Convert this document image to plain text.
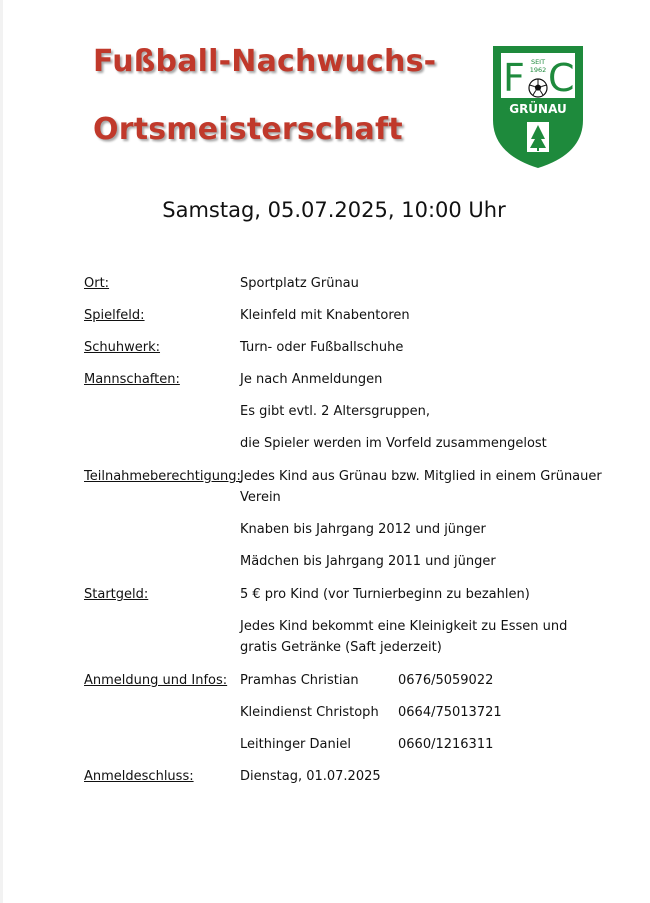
Fußball-Nachwuchs-
Ortsmeisterschaft
F C
SEIT
1962
GRÜNAU
Samstag, 05.07.2025, 10:00 Uhr
Ort:	Sportplatz Grünau
Spielfeld:	Kleinfeld mit Knabentoren
Schuhwerk:	Turn- oder Fußballschuhe
Mannschaften:	Je nach Anmeldungen
Es gibt evtl. 2 Altersgruppen,
die Spieler werden im Vorfeld zusammengelost
Teilnahmeberechtigung: Jedes Kind aus Grünau bzw. Mitglied in einem Grünauer
Verein
Knaben bis Jahrgang 2012 und jünger
Mädchen bis Jahrgang 2011 und jünger
Startgeld:	5 € pro Kind (vor Turnierbeginn zu bezahlen)
Jedes Kind bekommt eine Kleinigkeit zu Essen und
gratis Getränke (Saft jederzeit)
Anmeldung und Infos: Pramhas Christian	0676/5059022
Kleindienst Christoph 0664/75013721
Leithinger Daniel	0660/1216311
Anmeldeschluss:	Dienstag, 01.07.2025
